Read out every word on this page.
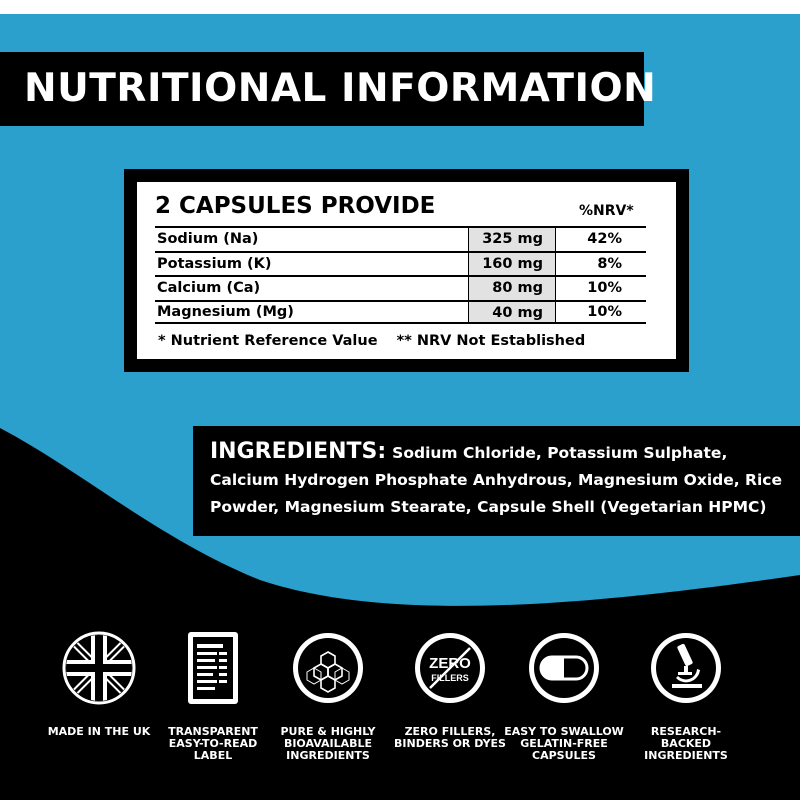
NUTRITIONAL INFORMATION
2 CAPSULES PROVIDE	%NRV*
Sodium (Na)	325 mg	42%
Potassium (K)	160 mg	8%
Calcium (Ca)	80 mg	10%
Magnesium (Mg)	40 mg	10%
* Nutrient Reference Value ** NRV Not Established
INGREDIENTS: Sodium Chloride, Potassium Sulphate, Calcium Hydrogen Phosphate Anhydrous, Magnesium Oxide, Rice Powder, Magnesium Stearate, Capsule Shell (Vegetarian HPMC)
MADE IN THE UK	TRANSPARENT EASY-TO-READ LABEL
PURE & HIGHLY BIOAVAILABLE INGREDIENTS
ZERO
FILLERS
ZERO FILLERS, BINDERS OR DYES
EASY TO SWALLOW GELATIN-FREE CAPSULES
RESEARCH-BACKED INGREDIENTS
